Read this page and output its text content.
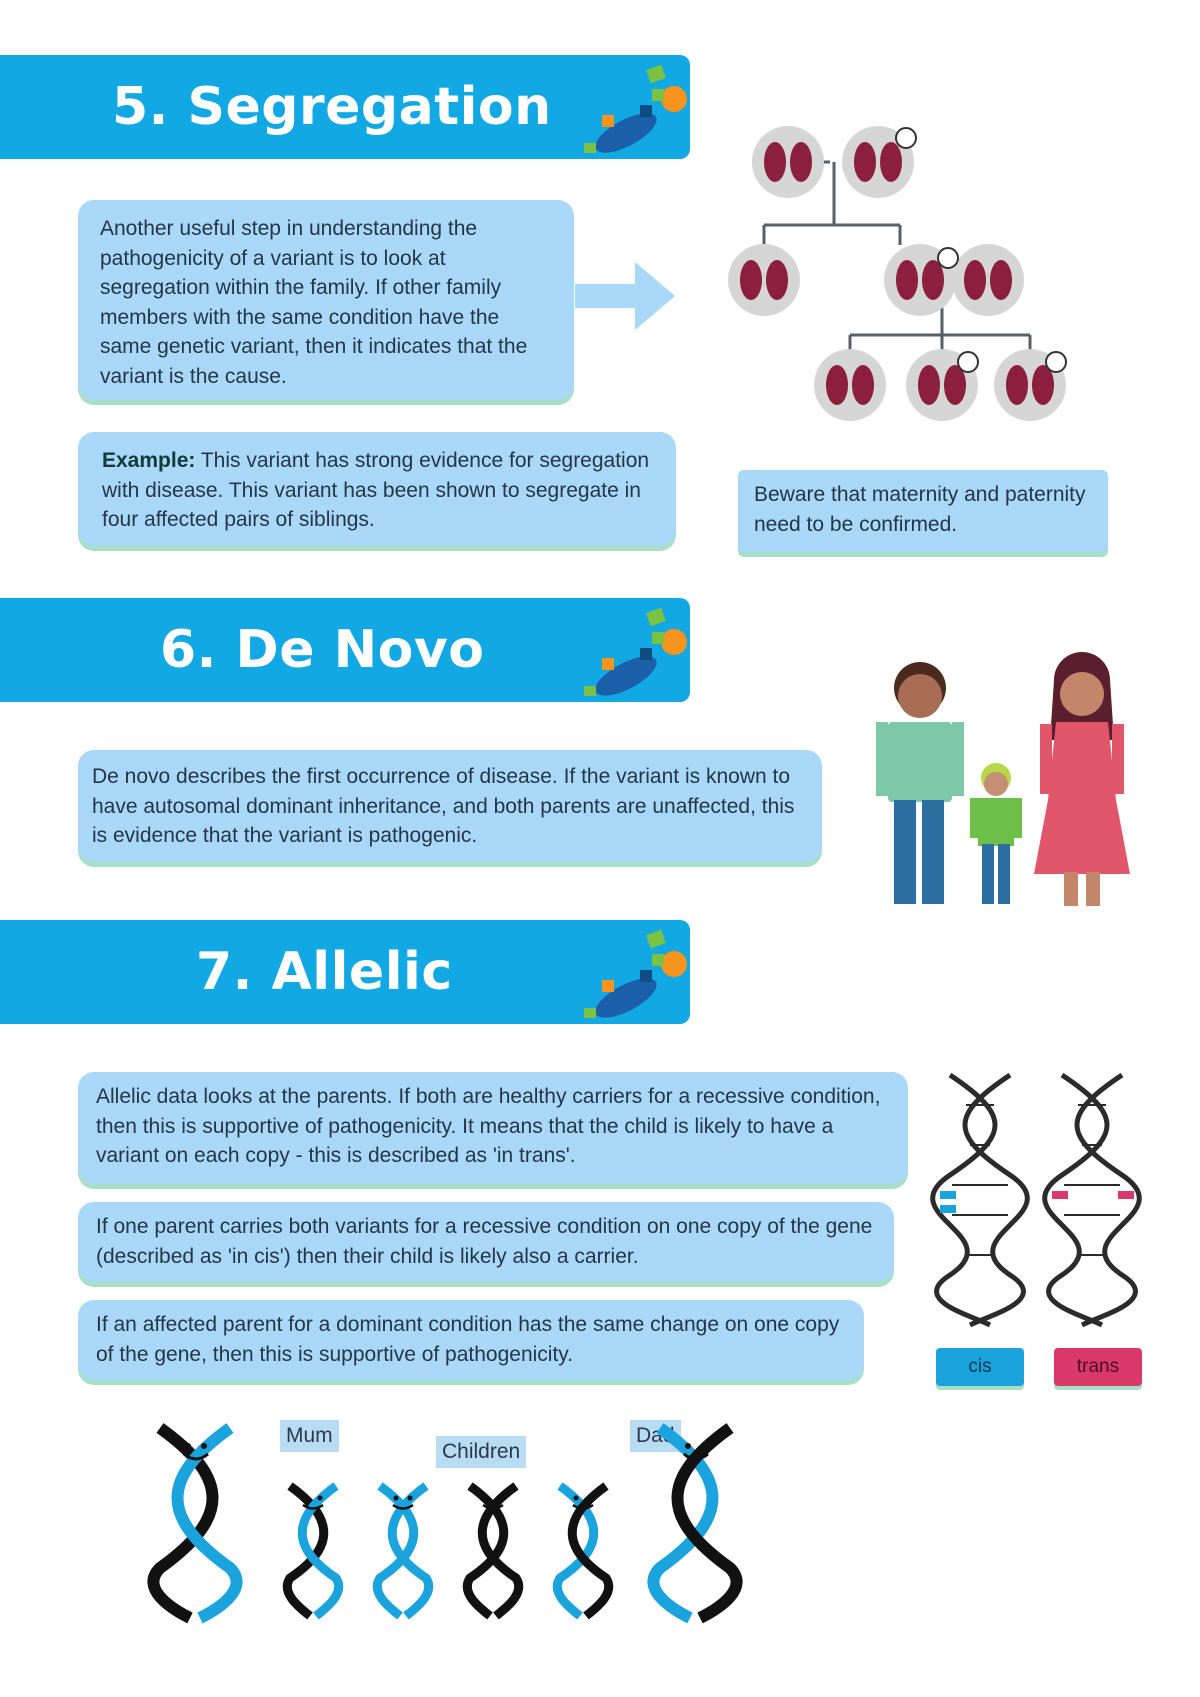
5. Segregation
Another useful step in understanding the pathogenicity of a variant is to look at segregation within the family. If other family members with the same condition have the same genetic variant, then it indicates that the variant is the cause.
Example: This variant has strong evidence for segregation with disease. This variant has been shown to segregate in four affected pairs of siblings.
Beware that maternity and paternity need to be confirmed.
6. De Novo
De novo describes the first occurrence of disease. If the variant is known to have autosomal dominant inheritance, and both parents are unaffected, this is evidence that the variant is pathogenic.
7. Allelic
Allelic data looks at the parents. If both are healthy carriers for a recessive condition, then this is supportive of pathogenicity. It means that the child is likely to have a variant on each copy - this is described as 'in trans'.
If one parent carries both variants for a recessive condition on one copy of the gene (described as 'in cis') then their child is likely also a carrier.
If an affected parent for a dominant condition has the same change on one copy of the gene, then this is supportive of pathogenicity.
cis	trans
Mum
Children
Dad
